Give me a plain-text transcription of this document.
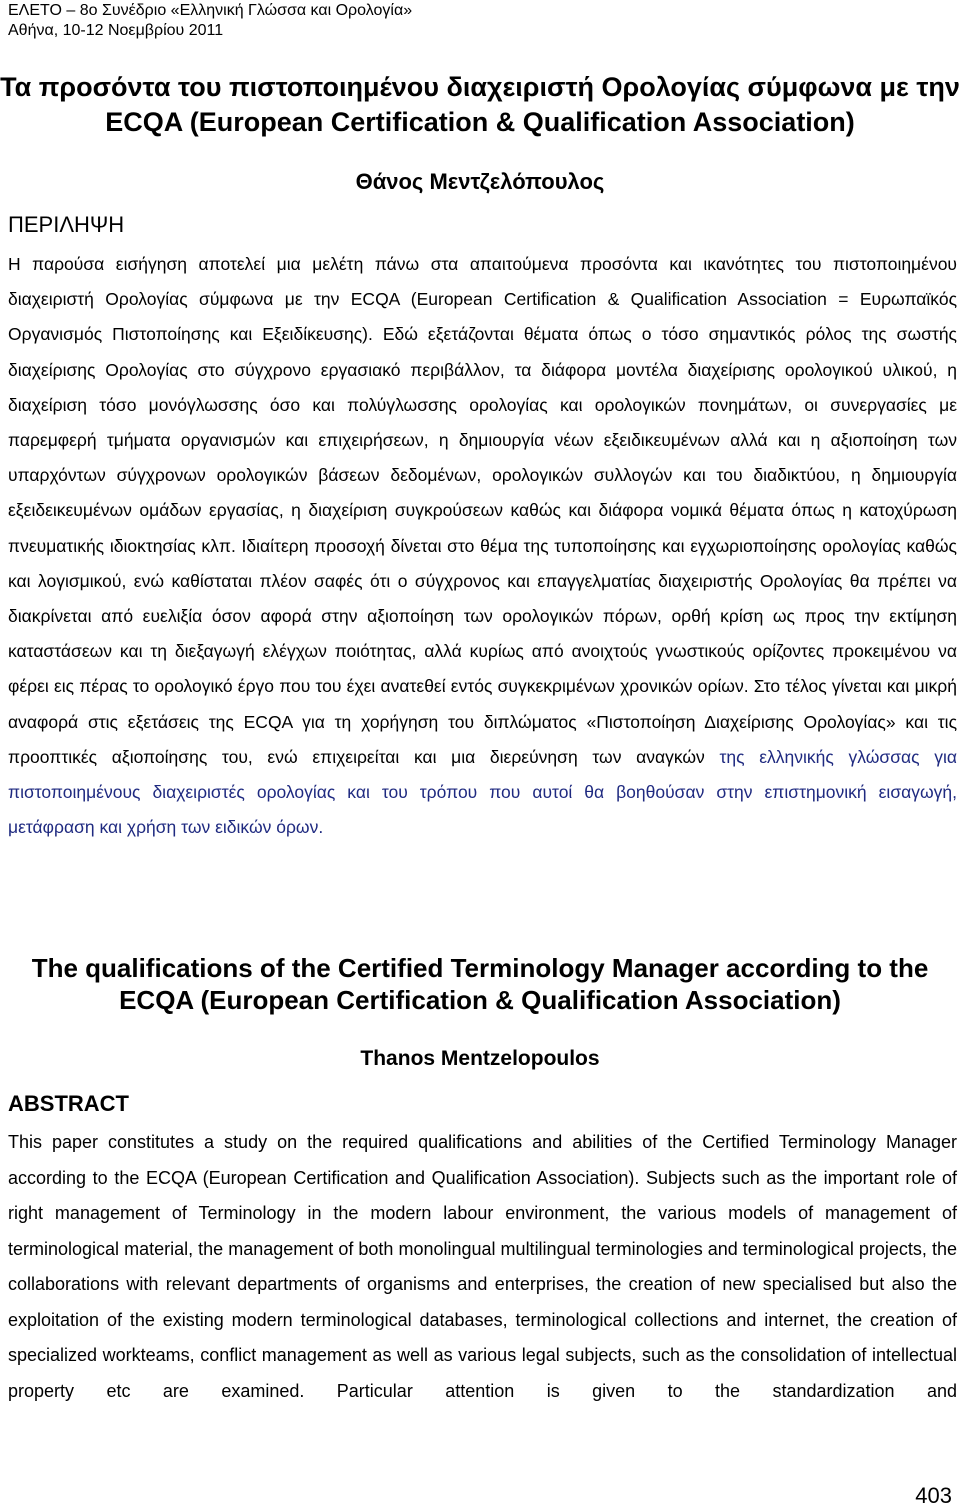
ΕΛΕΤΟ – 8ο Συνέδριο «Ελληνική Γλώσσα και Ορολογία»
Αθήνα, 10-12 Νοεμβρίου 2011
Τα προσόντα του πιστοποιημένου διαχειριστή Ορολογίας σύμφωνα με την ECQA (European Certification & Qualification Association)
Θάνος Μεντζελόπουλος
ΠΕΡΙΛΗΨΗ
Η παρούσα εισήγηση αποτελεί μια μελέτη πάνω στα απαιτούμενα προσόντα και ικανότητες του πιστοποιημένου διαχειριστή Ορολογίας σύμφωνα με την ECQA (European Certification & Qualification Association = Ευρωπαϊκός Οργανισμός Πιστοποίησης και Εξειδίκευσης). Εδώ εξετάζονται θέματα όπως ο τόσο σημαντικός ρόλος της σωστής διαχείρισης Ορολογίας στο σύγχρονο εργασιακό περιβάλλον, τα διάφορα μοντέλα διαχείρισης ορολογικού υλικού, η διαχείριση τόσο μονόγλωσσης όσο και πολύγλωσσης ορολογίας και ορολογικών πονημάτων, οι συνεργασίες με παρεμφερή τμήματα οργανισμών και επιχειρήσεων, η δημιουργία νέων εξειδικευμένων αλλά και η αξιοποίηση των υπαρχόντων σύγχρονων ορολογικών βάσεων δεδομένων, ορολογικών συλλογών και του διαδικτύου, η δημιουργία εξειδεικευμένων ομάδων εργασίας, η διαχείριση συγκρούσεων καθώς και διάφορα νομικά θέματα όπως η κατοχύρωση πνευματικής ιδιοκτησίας κλπ. Ιδιαίτερη προσοχή δίνεται στο θέμα της τυποποίησης και εγχωριοποίησης ορολογίας καθώς και λογισμικού, ενώ καθίσταται πλέον σαφές ότι ο σύγχρονος και επαγγελματίας διαχειριστής Ορολογίας θα πρέπει να διακρίνεται από ευελιξία όσον αφορά στην αξιοποίηση των ορολογικών πόρων, ορθή κρίση ως προς την εκτίμηση καταστάσεων και τη διεξαγωγή ελέγχων ποιότητας, αλλά κυρίως από ανοιχτούς γνωστικούς ορίζοντες προκειμένου να φέρει εις πέρας το ορολογικό έργο που του έχει ανατεθεί εντός συγκεκριμένων χρονικών ορίων. Στο τέλος γίνεται και μικρή αναφορά στις εξετάσεις της ECQA για τη χορήγηση του διπλώματος «Πιστοποίηση Διαχείρισης Ορολογίας» και τις προοπτικές αξιοποίησης του, ενώ επιχειρείται και μια διερεύνηση των αναγκών της ελληνικής γλώσσας για πιστοποιημένους διαχειριστές ορολογίας και του τρόπου που αυτοί θα βοηθούσαν στην επιστημονική εισαγωγή, μετάφραση και χρήση των ειδικών όρων.
The qualifications of the Certified Terminology Manager according to the ECQA (European Certification & Qualification Association)
Thanos Mentzelopoulos
ABSTRACT
This paper constitutes a study on the required qualifications and abilities of the Certified Terminology Manager according to the ECQA (European Certification and Qualification Association). Subjects such as the important role of right management of Terminology in the modern labour environment, the various models of management of terminological material, the management of both monolingual multilingual terminologies and terminological projects, the collaborations with relevant departments of organisms and enterprises, the creation of new specialised but also the exploitation of the existing modern terminological databases, terminological collections and internet, the creation of specialized workteams, conflict management as well as various legal subjects, such as the consolidation of intellectual property etc are examined. Particular attention is given to the standardization and
403
